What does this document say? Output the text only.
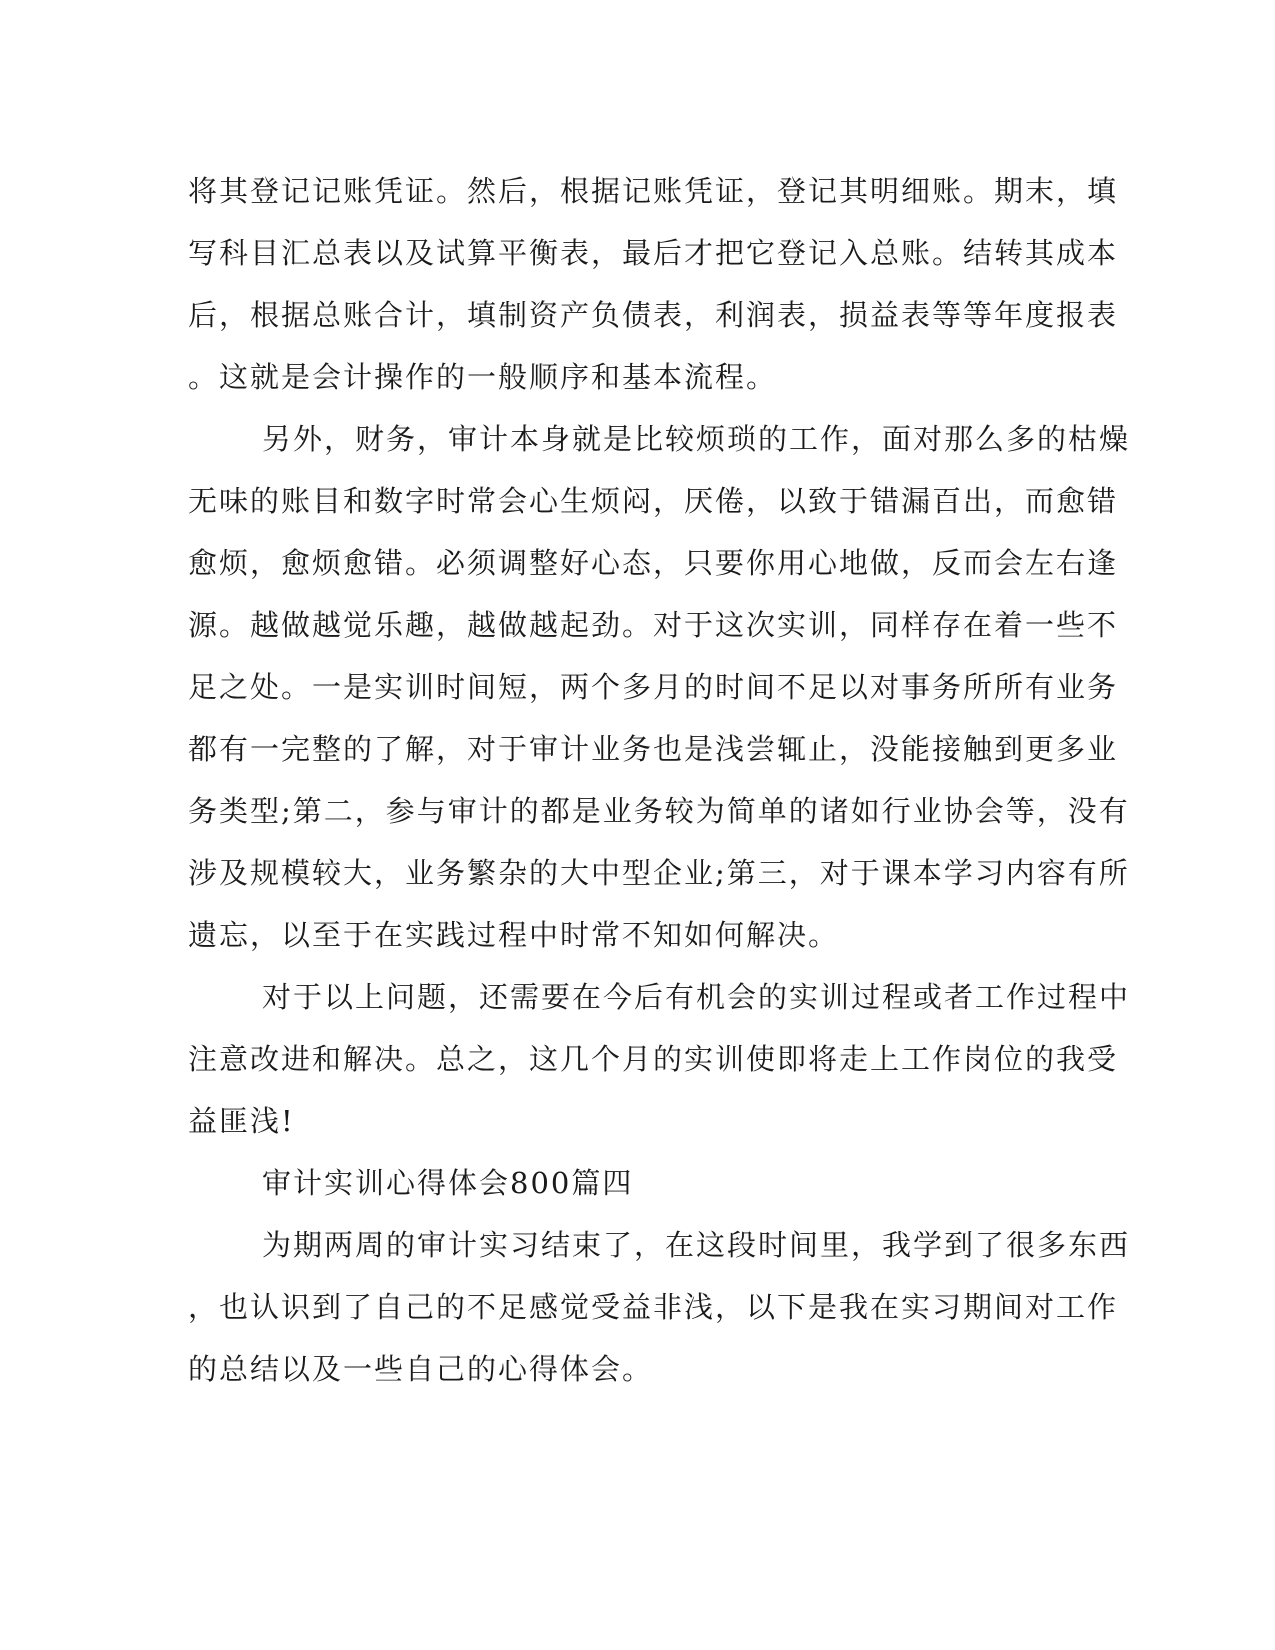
将其登记记账凭证。然后，根据记账凭证，登记其明细账。期末，填
写科目汇总表以及试算平衡表，最后才把它登记入总账。结转其成本
后，根据总账合计，填制资产负债表，利润表，损益表等等年度报表
。这就是会计操作的一般顺序和基本流程。
另外，财务，审计本身就是比较烦琐的工作，面对那么多的枯燥
无味的账目和数字时常会心生烦闷，厌倦，以致于错漏百出，而愈错
愈烦，愈烦愈错。必须调整好心态，只要你用心地做，反而会左右逢
源。越做越觉乐趣，越做越起劲。对于这次实训，同样存在着一些不
足之处。一是实训时间短，两个多月的时间不足以对事务所所有业务
都有一完整的了解，对于审计业务也是浅尝辄止，没能接触到更多业
务类型;第二，参与审计的都是业务较为简单的诸如行业协会等，没有
涉及规模较大，业务繁杂的大中型企业;第三，对于课本学习内容有所
遗忘，以至于在实践过程中时常不知如何解决。
对于以上问题，还需要在今后有机会的实训过程或者工作过程中
注意改进和解决。总之，这几个月的实训使即将走上工作岗位的我受
益匪浅!
审计实训心得体会800篇四
为期两周的审计实习结束了，在这段时间里，我学到了很多东西
，也认识到了自己的不足感觉受益非浅，以下是我在实习期间对工作
的总结以及一些自己的心得体会。
